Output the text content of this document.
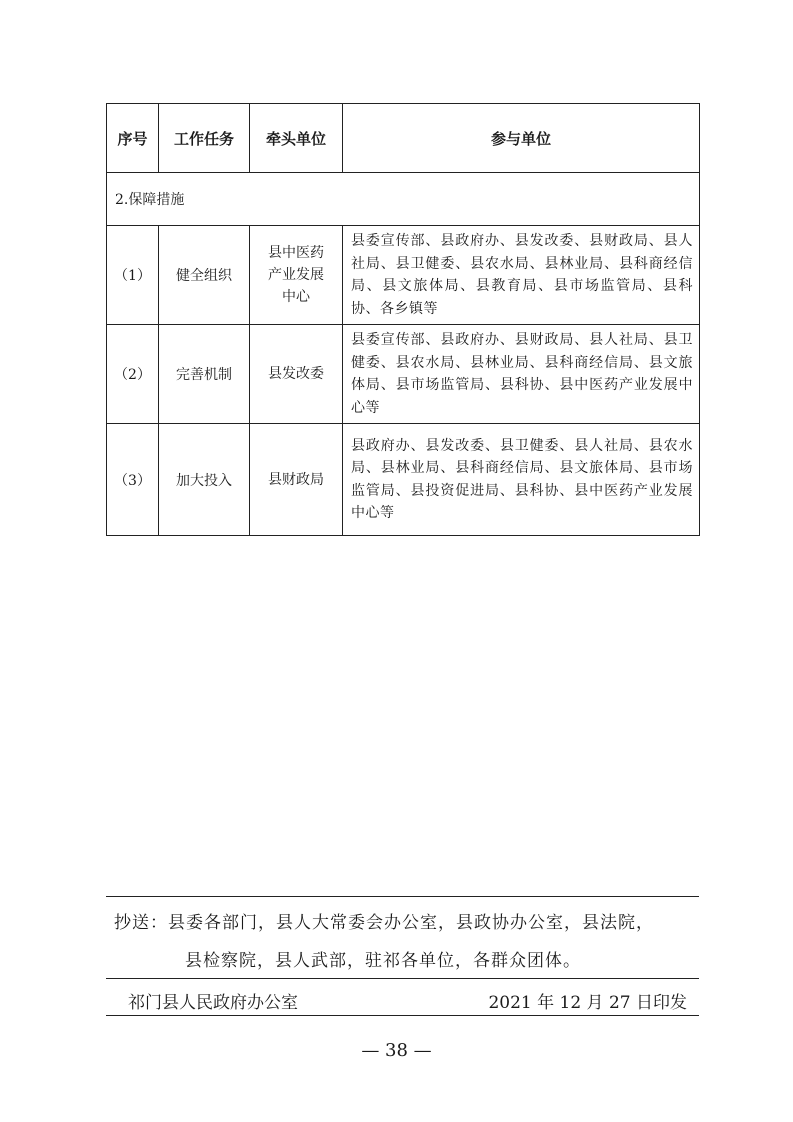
序号	工作任务	牵头单位	参与单位
2.保障措施			
（1）	健全组织	县中医药产业发展中心	县委宣传部、县政府办、县发改委、县财政局、县人社局、县卫健委、县农水局、县林业局、县科商经信局、县文旅体局、县教育局、县市场监管局、县科协、各乡镇等
（2）	完善机制	县发改委	县委宣传部、县政府办、县财政局、县人社局、县卫健委、县农水局、县林业局、县科商经信局、县文旅体局、县市场监管局、县科协、县中医药产业发展中心等
（3）	加大投入	县财政局	县政府办、县发改委、县卫健委、县人社局、县农水局、县林业局、县科商经信局、县文旅体局、县市场监管局、县投资促进局、县科协、县中医药产业发展中心等
抄送：县委各部门，县人大常委会办公室，县政协办公室，县法院，
县检察院，县人武部，驻祁各单位，各群众团体。
祁门县人民政府办公室	2021 年 12 月 27 日印发
— 38 —
